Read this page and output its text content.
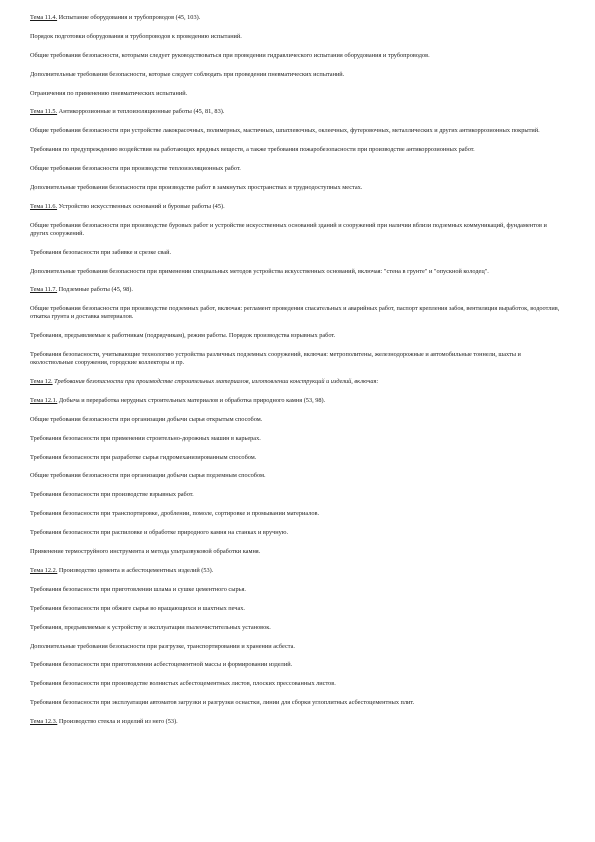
Тема 11.4. Испытание оборудования и трубопроводов (45, 103).

Порядок подготовки оборудования и трубопроводов к проведению испытаний.

Общие требования безопасности, которыми следует руководствоваться при проведении гидравлического испытания оборудования и трубопроводов.

Дополнительные требования безопасности, которые следует соблюдать при проведении пневматических испытаний.

Ограничения по применению пневматических испытаний.

Тема 11.5. Антикоррозионные и теплоизоляционные работы (45, 81, 83).

Общие требования безопасности при устройстве лакокрасочных, полимерных, мастичных, шпатлевочных, оклеечных, футеровочных, металлических и других антикоррозионных покрытий.

Требования по предупреждению воздействия на работающих вредных веществ, а также требования пожаробезопасности при производстве антикоррозионных работ.

Общие требования безопасности при производстве теплоизоляционных работ.

Дополнительные требования безопасности при производстве работ в замкнутых пространствах и труднодоступных местах.

Тема 11.6. Устройство искусственных оснований и буровые работы (45).

Общие требования безопасности при производстве буровых работ и устройстве искусственных оснований зданий и сооружений при наличии вблизи подземных коммуникаций, фундаментов и других сооружений.

Требования безопасности при забивке и срезке свай.

Дополнительные требования безопасности при применении специальных методов устройства искусственных оснований, включая: "стена в грунте" и "опускной колодец".

Тема 11.7. Подземные работы (45, 98).

Общие требования безопасности при производстве подземных работ, включая: регламент проведения спасательных и аварийных работ, паспорт крепления забоя, вентиляция выработок, водоотлив, откатка грунта и доставка материалов.

Требования, предъявляемые к работникам (подрядчикам), режим работы. Порядок производства взрывных работ.

Требования безопасности, учитывающие технологию устройства различных подземных сооружений, включая: метрополитены, железнодорожные и автомобильные тоннели, шахты и околоствольные сооружения, городские коллекторы и пр.

Тема 12. Требования безопасности при производстве строительных материалов, изготовлении конструкций и изделий, включая:

Тема 12.1. Добыча и переработка нерудных строительных материалов и обработка природного камня (53, 98).

Общие требования безопасности при организации добычи сырья открытым способом.

Требования безопасности при применении строительно-дорожных машин в карьерах.

Требования безопасности при разработке сырья гидромеханизированным способом.

Общие требования безопасности при организации добычи сырья подземным способом.

Требования безопасности при производстве взрывных работ.

Требования безопасности при транспортировке, дроблении, помоле, сортировке и промывании материалов.

Требования безопасности при распиловке и обработке природного камня на станках и вручную.

Применение термоструйного инструмента и метода ультразвуковой обработки камня.

Тема 12.2. Производство цемента и асбестоцементных изделий (53).

Требования безопасности при приготовлении шлама и сушке цементного сырья.

Требования безопасности при обжиге сырья во вращающихся и шахтных печах.

Требования, предъявляемые к устройству и эксплуатации пылеочистительных установок.

Дополнительные требования безопасности при разгрузке, транспортировании и хранении асбеста.

Требования безопасности при приготовлении асбестоцементной массы и формировании изделий.

Требования безопасности при производстве волнистых асбестоцементных листов, плоских прессованных листов.

Требования безопасности при эксплуатации автоматов загрузки и разгрузки оснастки, линии для сборки углоплитных асбестоцементных плит.

Тема 12.3. Производство стекла и изделий из него (53).
